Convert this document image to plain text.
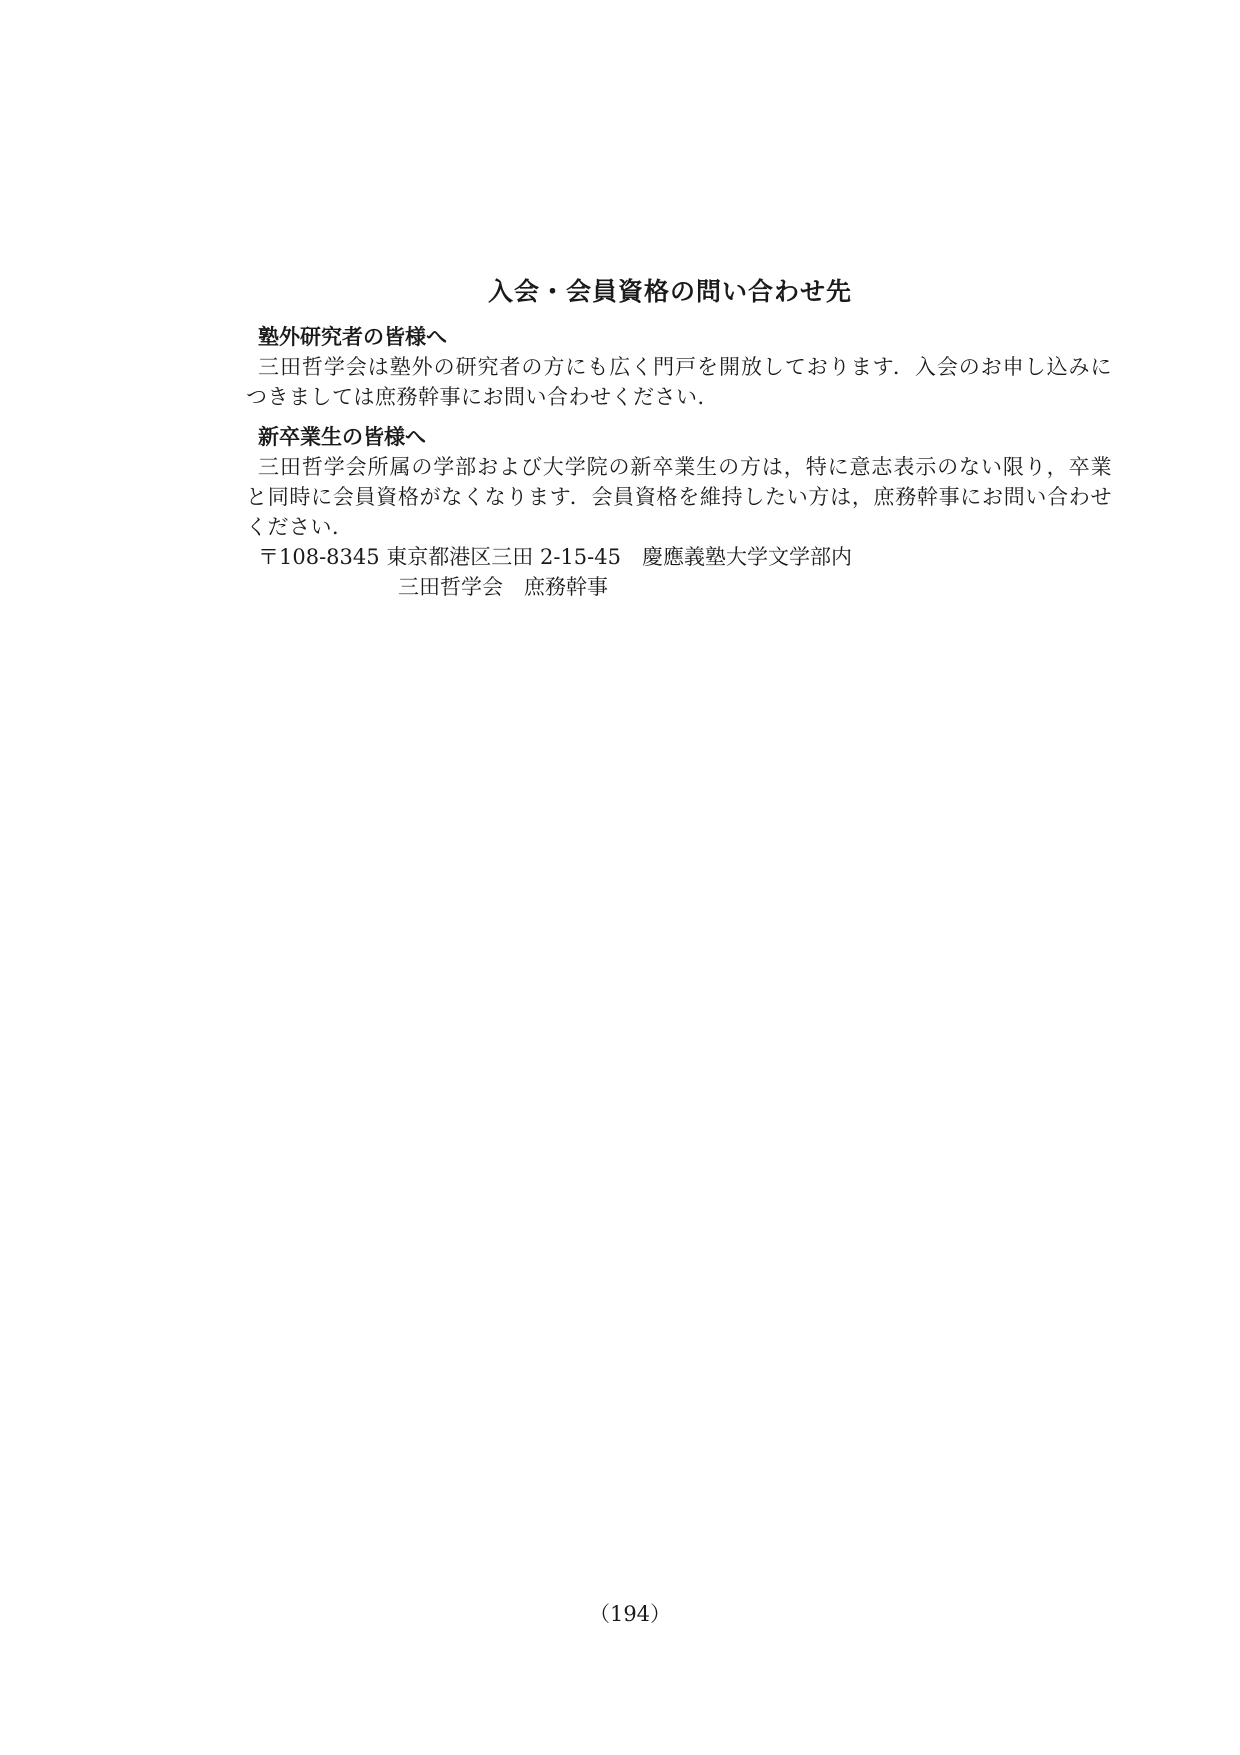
入会・会員資格の問い合わせ先
塾外研究者の皆様へ
三田哲学会は塾外の研究者の方にも広く門戸を開放しております．入会のお申し込みにつきましては庶務幹事にお問い合わせください．
新卒業生の皆様へ
三田哲学会所属の学部および大学院の新卒業生の方は，特に意志表示のない限り，卒業と同時に会員資格がなくなります．会員資格を維持したい方は，庶務幹事にお問い合わせください．
〒108-8345 東京都港区三田 2-15-45　慶應義塾大学文学部内
三田哲学会　庶務幹事
（194）
